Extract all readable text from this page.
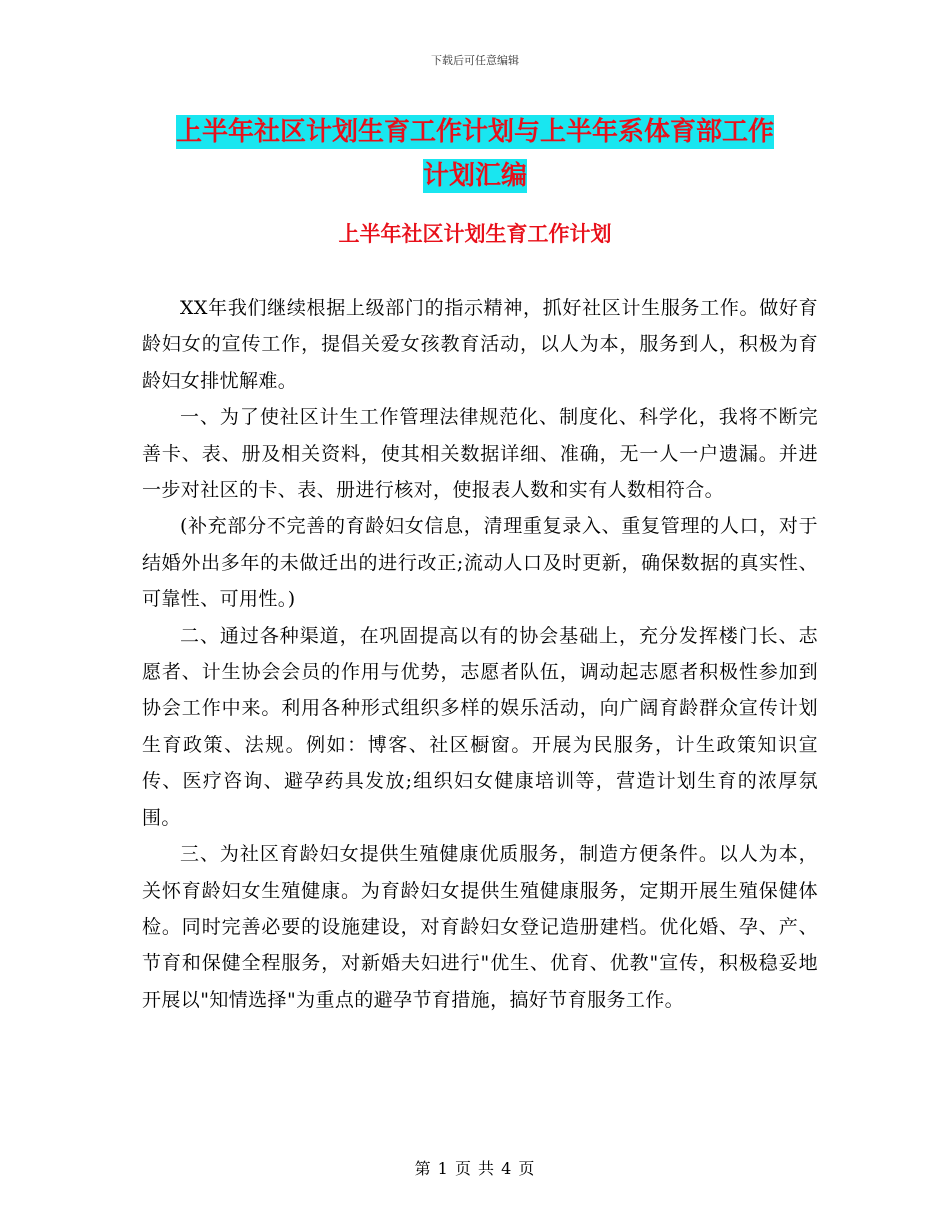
下载后可任意编辑
上半年社区计划生育工作计划与上半年系体育部工作
计划汇编
上半年社区计划生育工作计划

XX年我们继续根据上级部门的指示精神，抓好社区计生服务工作。做好育龄妇女的宣传工作，提倡关爱女孩教育活动，以人为本，服务到人，积极为育龄妇女排忧解难。

一、为了使社区计生工作管理法律规范化、制度化、科学化，我将不断完善卡、表、册及相关资料，使其相关数据详细、准确，无一人一户遗漏。并进一步对社区的卡、表、册进行核对，使报表人数和实有人数相符合。

(补充部分不完善的育龄妇女信息，清理重复录入、重复管理的人口，对于结婚外出多年的未做迁出的进行改正;流动人口及时更新，确保数据的真实性、可靠性、可用性。)

二、通过各种渠道，在巩固提高以有的协会基础上，充分发挥楼门长、志愿者、计生协会会员的作用与优势，志愿者队伍，调动起志愿者积极性参加到协会工作中来。利用各种形式组织多样的娱乐活动，向广阔育龄群众宣传计划生育政策、法规。例如：博客、社区橱窗。开展为民服务，计生政策知识宣传、医疗咨询、避孕药具发放;组织妇女健康培训等，营造计划生育的浓厚氛围。

三、为社区育龄妇女提供生殖健康优质服务，制造方便条件。以人为本，关怀育龄妇女生殖健康。为育龄妇女提供生殖健康服务，定期开展生殖保健体检。同时完善必要的设施建设，对育龄妇女登记造册建档。优化婚、孕、产、节育和保健全程服务，对新婚夫妇进行"优生、优育、优教"宣传，积极稳妥地开展以"知情选择"为重点的避孕节育措施，搞好节育服务工作。

第 1 页 共 4 页
